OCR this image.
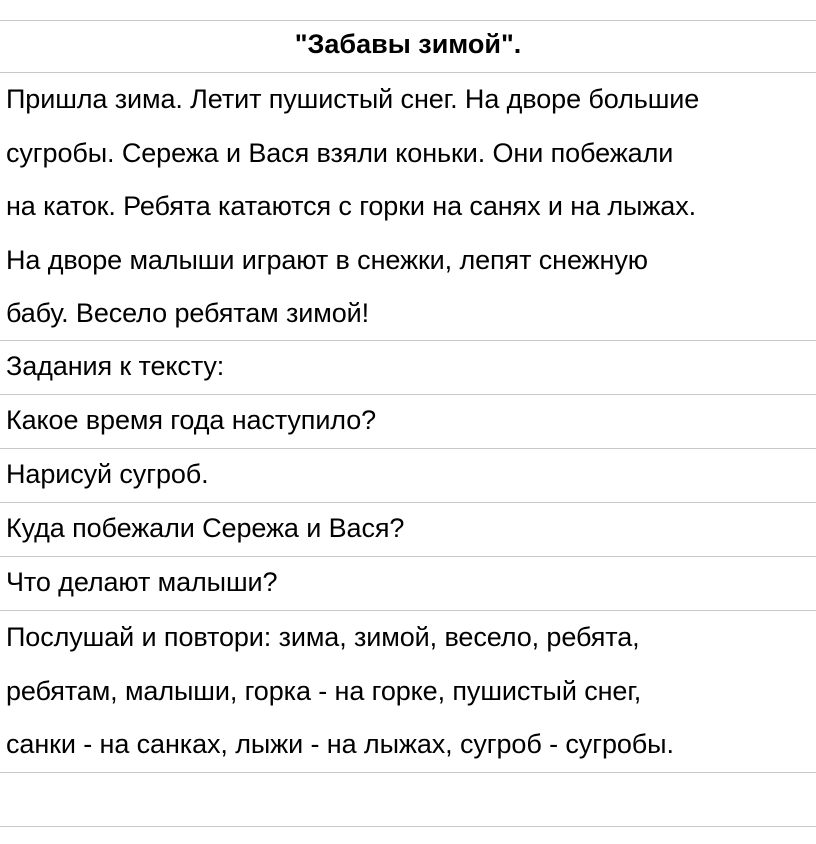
"Забавы зимой".
Пришла зима. Летит пушистый снег. На дворе большие
сугробы. Сережа и Вася взяли коньки. Они побежали
на каток. Ребята катаются с горки на санях и на лыжах.
На дворе малыши играют в снежки, лепят снежную
бабу. Весело ребятам зимой!
Задания к тексту:
Какое время года наступило?
Нарисуй сугроб.
Куда побежали Сережа и Вася?
Что делают малыши?
Послушай и повтори: зима, зимой, весело, ребята,
ребятам, малыши, горка - на горке, пушистый снег,
санки - на санках, лыжи - на лыжах, сугроб - сугробы.
